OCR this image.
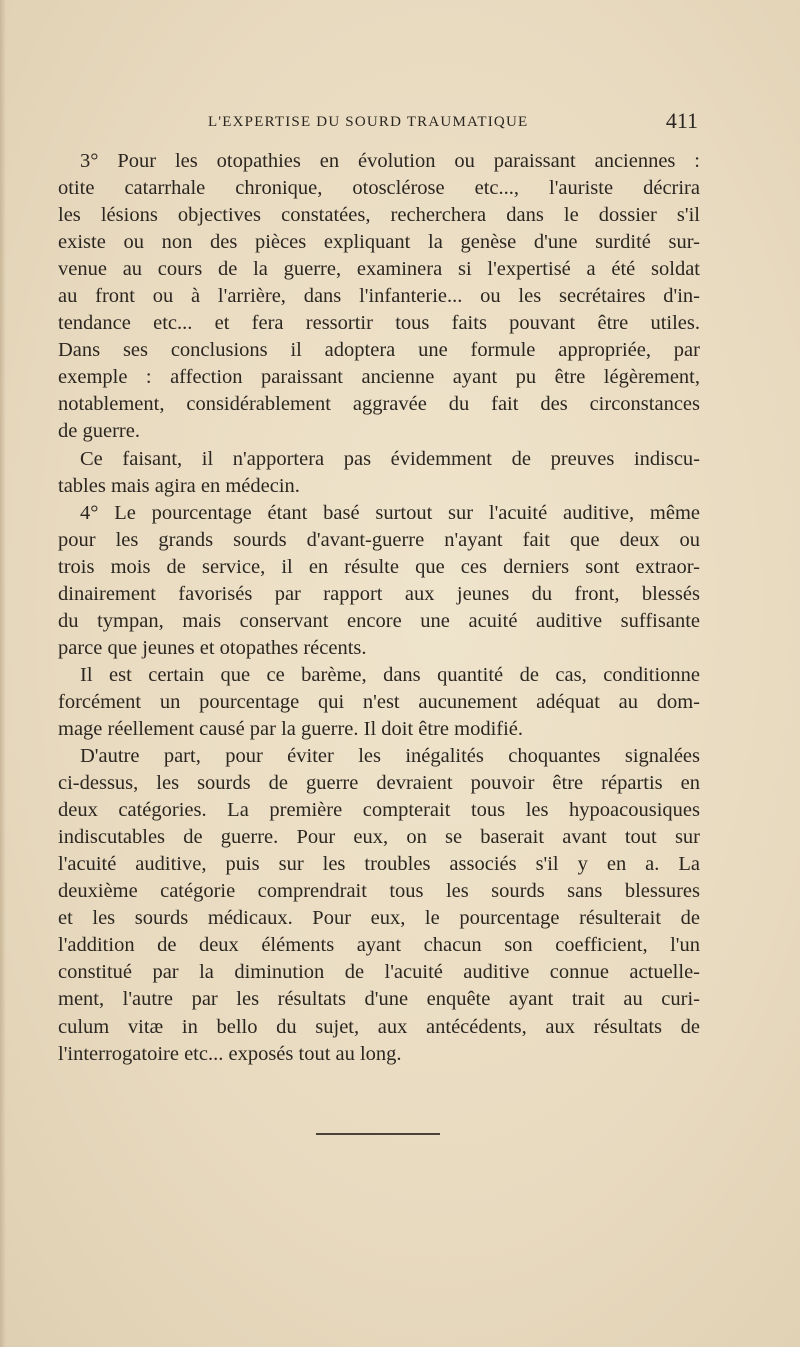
L'EXPERTISE DU SOURD TRAUMATIQUE	411
3° Pour les otopathies en évolution ou paraissant anciennes :
otite catarrhale chronique, otosclérose etc..., l'auriste décrira
les lésions objectives constatées, recherchera dans le dossier s'il
existe ou non des pièces expliquant la genèse d'une surdité sur-
venue au cours de la guerre, examinera si l'expertisé a été soldat
au front ou à l'arrière, dans l'infanterie... ou les secrétaires d'in-
tendance etc... et fera ressortir tous faits pouvant être utiles.
Dans ses conclusions il adoptera une formule appropriée, par
exemple : affection paraissant ancienne ayant pu être légèrement,
notablement, considérablement aggravée du fait des circonstances
de guerre.
Ce faisant, il n'apportera pas évidemment de preuves indiscu-
tables mais agira en médecin.
4° Le pourcentage étant basé surtout sur l'acuité auditive, même
pour les grands sourds d'avant-guerre n'ayant fait que deux ou
trois mois de service, il en résulte que ces derniers sont extraor-
dinairement favorisés par rapport aux jeunes du front, blessés
du tympan, mais conservant encore une acuité auditive suffisante
parce que jeunes et otopathes récents.
Il est certain que ce barème, dans quantité de cas, conditionne
forcément un pourcentage qui n'est aucunement adéquat au dom-
mage réellement causé par la guerre. Il doit être modifié.
D'autre part, pour éviter les inégalités choquantes signalées
ci-dessus, les sourds de guerre devraient pouvoir être répartis en
deux catégories. La première compterait tous les hypoacousiques
indiscutables de guerre. Pour eux, on se baserait avant tout sur
l'acuité auditive, puis sur les troubles associés s'il y en a. La
deuxième catégorie comprendrait tous les sourds sans blessures
et les sourds médicaux. Pour eux, le pourcentage résulterait de
l'addition de deux éléments ayant chacun son coefficient, l'un
constitué par la diminution de l'acuité auditive connue actuelle-
ment, l'autre par les résultats d'une enquête ayant trait au curi-
culum vitæ in bello du sujet, aux antécédents, aux résultats de
l'interrogatoire etc... exposés tout au long.
